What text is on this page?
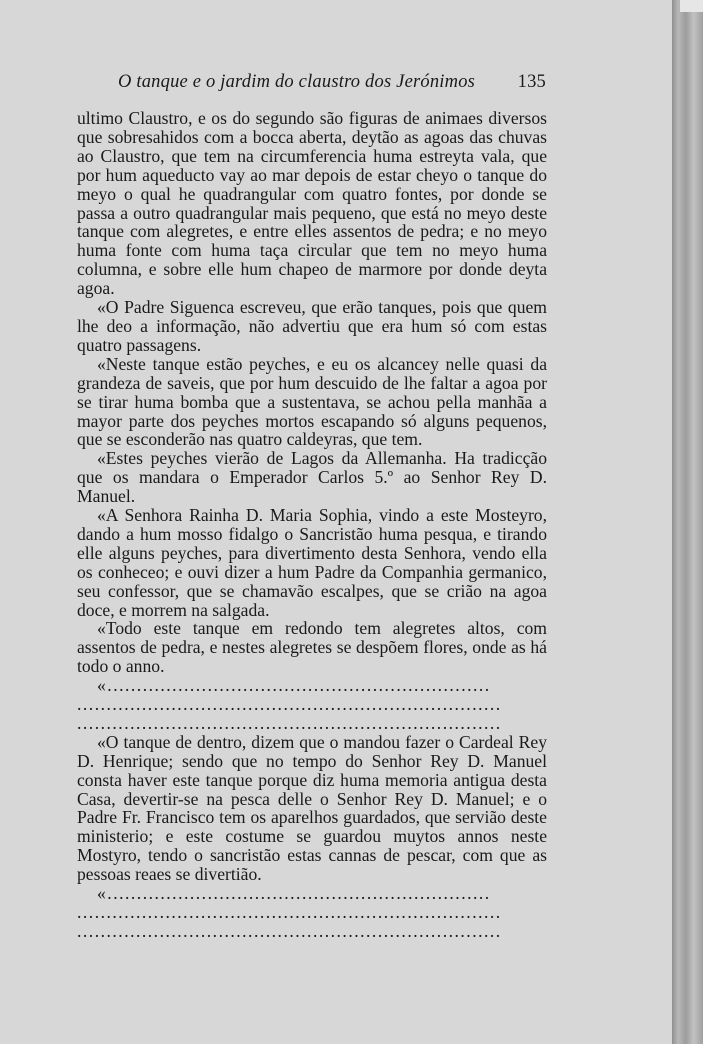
O tanque e o jardim do claustro dos Jerónimos 135

ultimo Claustro, e os do segundo são figuras de animaes diversos que sobresahidos com a bocca aberta, deytão as agoas das chuvas ao Claustro, que tem na circumferencia huma estreyta vala, que por hum aqueducto vay ao mar depois de estar cheyo o tanque do meyo o qual he quadrangular com quatro fontes, por donde se passa a outro quadrangular mais pequeno, que está no meyo deste tanque com alegretes, e entre elles assentos de pedra; e no meyo huma fonte com huma taça circular que tem no meyo huma columna, e sobre elle hum chapeo de marmore por donde deyta agoa.

«O Padre Siguenca escreveu, que erão tanques, pois que quem lhe deo a informação, não advertiu que era hum só com estas quatro passagens.

«Neste tanque estão peyches, e eu os alcancey nelle quasi da grandeza de saveis, que por hum descuido de lhe faltar a agoa por se tirar huma bomba que a sustentava, se achou pella manhãa a mayor parte dos peyches mortos escapando só alguns pequenos, que se esconderão nas quatro caldeyras, que tem.

«Estes peyches vierão de Lagos da Allemanha. Ha tradicção que os mandara o Emperador Carlos 5.º ao Senhor Rey D. Manuel.

«A Senhora Rainha D. Maria Sophia, vindo a este Mosteyro, dando a hum mosso fidalgo o Sancristão huma pesqua, e tirando elle alguns peyches, para divertimento desta Senhora, vendo ella os conheceo; e ouvi dizer a hum Padre da Companhia germanico, seu confessor, que se chamavão escalpes, que se crião na agoa doce, e morrem na salgada.

«Todo este tanque em redondo tem alegretes altos, com assentos de pedra, e nestes alegretes se despõem flores, onde as há todo o anno.

«.................................................................
........................................................................
........................................................................

«O tanque de dentro, dizem que o mandou fazer o Cardeal Rey D. Henrique; sendo que no tempo do Senhor Rey D. Manuel consta haver este tanque porque diz huma memoria antigua desta Casa, devertir-se na pesca delle o Senhor Rey D. Manuel; e o Padre Fr. Francisco tem os aparelhos guardados, que servião deste ministerio; e este costume se guardou muytos annos neste Mostyro, tendo o sancristão estas cannas de pescar, com que as pessoas reaes se divertião.

«.................................................................
........................................................................
........................................................................
